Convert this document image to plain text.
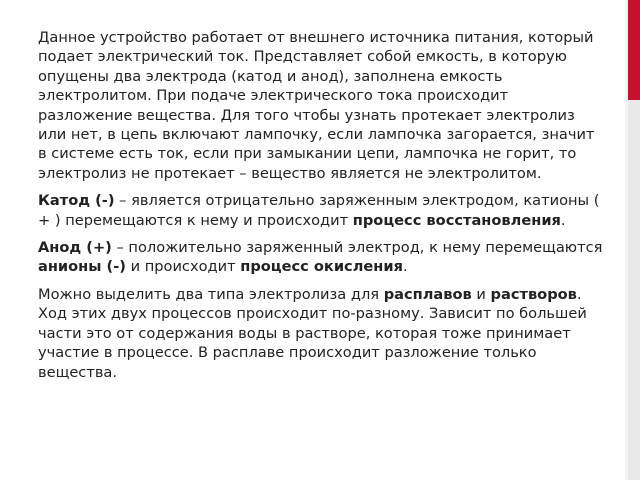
Данное устройство работает от внешнего источника питания, который подает электрический ток. Представляет собой емкость, в которую опущены два электрода (катод и анод), заполнена емкость электролитом. При подаче электрического тока происходит разложение вещества. Для того чтобы узнать протекает электролиз или нет, в цепь включают лампочку, если лампочка загорается, значит в системе есть ток, если при замыкании цепи, лампочка не горит, то электролиз не протекает – вещество является не электролитом.

Катод (-) – является отрицательно заряженным электродом, катионы ( + ) перемещаются к нему и происходит процесс восстановления.

Анод (+) – положительно заряженный электрод, к нему перемещаются анионы (-) и происходит процесс окисления.

Можно выделить два типа электролиза для расплавов и растворов. Ход этих двух процессов происходит по-разному. Зависит по большей части это от содержания воды в растворе, которая тоже принимает участие в процессе. В расплаве происходит разложение только вещества.
